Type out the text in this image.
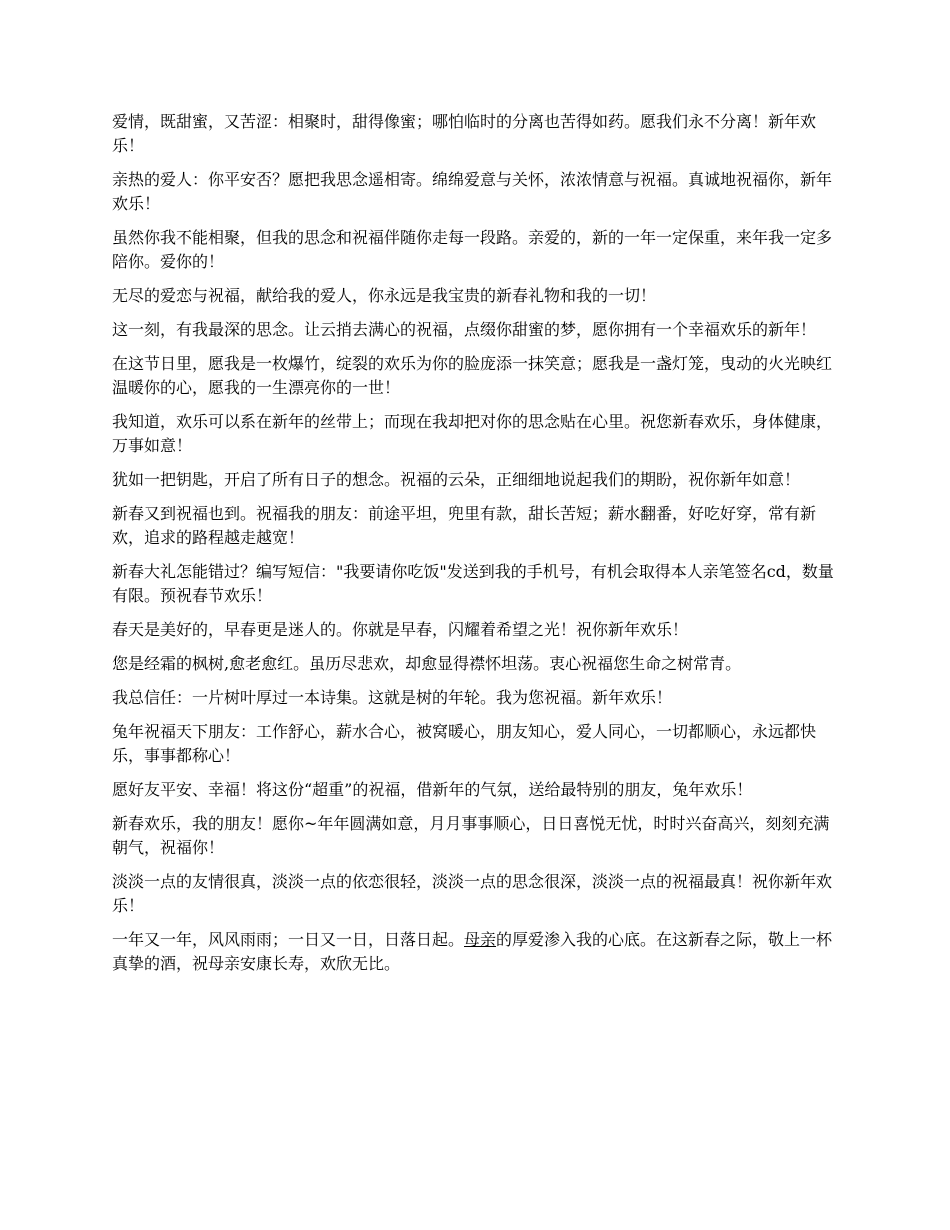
爱情，既甜蜜，又苦涩：相聚时，甜得像蜜；哪怕临时的分离也苦得如药。愿我们永不分离！新年欢乐！

亲热的爱人：你平安否？愿把我思念遥相寄。绵绵爱意与关怀，浓浓情意与祝福。真诚地祝福你，新年欢乐！

虽然你我不能相聚，但我的思念和祝福伴随你走每一段路。亲爱的，新的一年一定保重，来年我一定多陪你。爱你的！

无尽的爱恋与祝福，献给我的爱人，你永远是我宝贵的新春礼物和我的一切！

这一刻，有我最深的思念。让云捎去满心的祝福，点缀你甜蜜的梦，愿你拥有一个幸福欢乐的新年！

在这节日里，愿我是一枚爆竹，绽裂的欢乐为你的脸庞添一抹笑意；愿我是一盏灯笼，曳动的火光映红温暖你的心，愿我的一生漂亮你的一世！

我知道，欢乐可以系在新年的丝带上；而现在我却把对你的思念贴在心里。祝您新春欢乐，身体健康，万事如意！

犹如一把钥匙，开启了所有日子的想念。祝福的云朵，正细细地说起我们的期盼，祝你新年如意！

新春又到祝福也到。祝福我的朋友：前途平坦，兜里有款，甜长苦短；薪水翻番，好吃好穿，常有新欢，追求的路程越走越宽！

新春大礼怎能错过？编写短信："我要请你吃饭"发送到我的手机号，有机会取得本人亲笔签名cd，数量有限。预祝春节欢乐！

春天是美好的，早春更是迷人的。你就是早春，闪耀着希望之光！祝你新年欢乐！

您是经霜的枫树,愈老愈红。虽历尽悲欢，却愈显得襟怀坦荡。衷心祝福您生命之树常青。

我总信任：一片树叶厚过一本诗集。这就是树的年轮。我为您祝福。新年欢乐！

兔年祝福天下朋友：工作舒心，薪水合心，被窝暖心，朋友知心，爱人同心，一切都顺心，永远都快乐，事事都称心！

愿好友平安、幸福！将这份“超重”的祝福，借新年的气氛，送给最特别的朋友，兔年欢乐！

新春欢乐，我的朋友！愿你~年年圆满如意，月月事事顺心，日日喜悦无忧，时时兴奋高兴，刻刻充满朝气，祝福你！

淡淡一点的友情很真，淡淡一点的依恋很轻，淡淡一点的思念很深，淡淡一点的祝福最真！祝你新年欢乐！

一年又一年，风风雨雨；一日又一日，日落日起。母亲的厚爱渗入我的心底。在这新春之际，敬上一杯真挚的酒，祝母亲安康长寿，欢欣无比。
